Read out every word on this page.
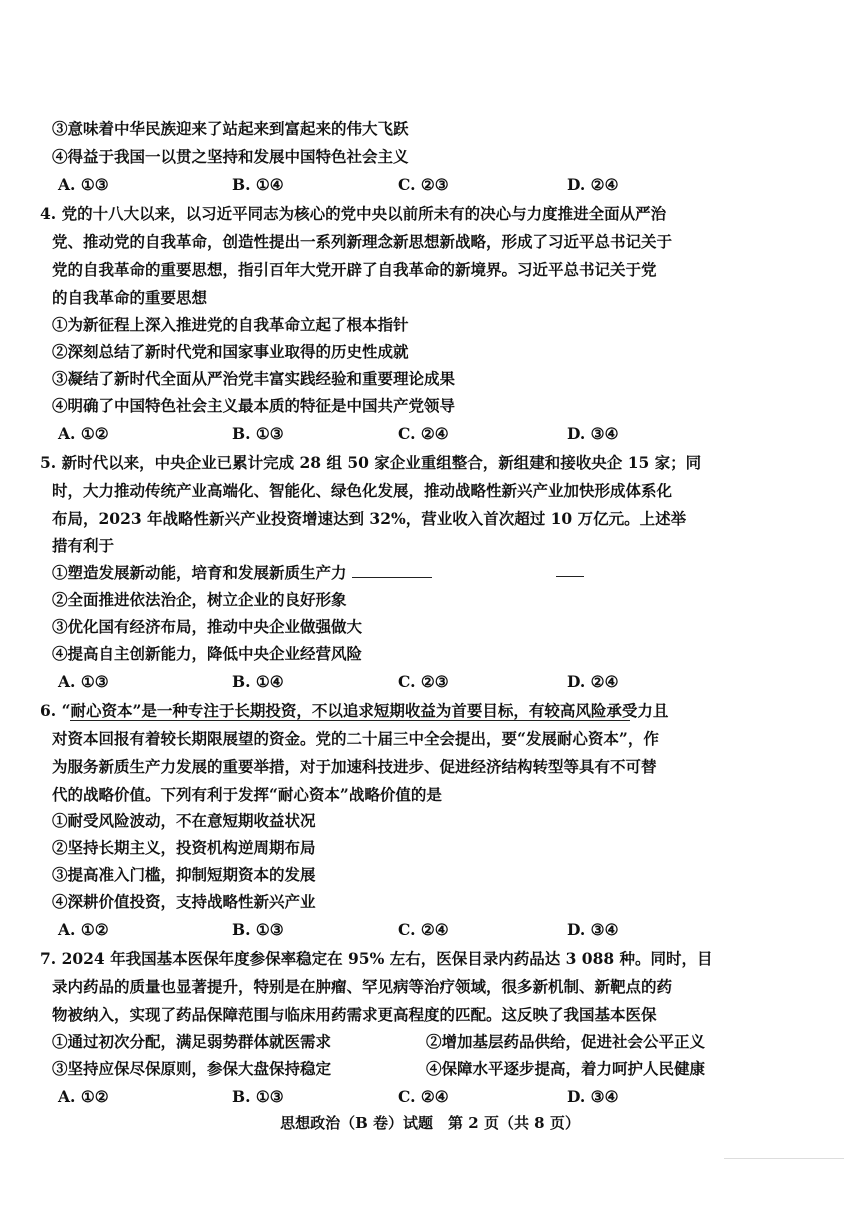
③意味着中华民族迎来了站起来到富起来的伟大飞跃
④得益于我国一以贯之坚持和发展中国特色社会主义
A. ①③	B. ①④	C. ②③	D. ②④
4. 党的十八大以来，以习近平同志为核心的党中央以前所未有的决心与力度推进全面从严治
党、推动党的自我革命，创造性提出一系列新理念新思想新战略，形成了习近平总书记关于
党的自我革命的重要思想，指引百年大党开辟了自我革命的新境界。习近平总书记关于党
的自我革命的重要思想
①为新征程上深入推进党的自我革命立起了根本指针
②深刻总结了新时代党和国家事业取得的历史性成就
③凝结了新时代全面从严治党丰富实践经验和重要理论成果
④明确了中国特色社会主义最本质的特征是中国共产党领导
A. ①②	B. ①③	C. ②④	D. ③④
5. 新时代以来，中央企业已累计完成 28 组 50 家企业重组整合，新组建和接收央企 15 家；同
时，大力推动传统产业高端化、智能化、绿色化发展，推动战略性新兴产业加快形成体系化
布局，2023 年战略性新兴产业投资增速达到 32%，营业收入首次超过 10 万亿元。上述举
措有利于
①塑造发展新动能，培育和发展新质生产力
②全面推进依法治企，树立企业的良好形象
③优化国有经济布局，推动中央企业做强做大
④提高自主创新能力，降低中央企业经营风险
A. ①③	B. ①④	C. ②③	D. ②④
6. “耐心资本”是一种专注于长期投资，不以追求短期收益为首要目标，有较高风险承受力且
对资本回报有着较长期限展望的资金。党的二十届三中全会提出，要“发展耐心资本”，作
为服务新质生产力发展的重要举措，对于加速科技进步、促进经济结构转型等具有不可替
代的战略价值。下列有利于发挥“耐心资本”战略价值的是
①耐受风险波动，不在意短期收益状况
②坚持长期主义，投资机构逆周期布局
③提高准入门槛，抑制短期资本的发展
④深耕价值投资，支持战略性新兴产业
A. ①②	B. ①③	C. ②④	D. ③④
7. 2024 年我国基本医保年度参保率稳定在 95% 左右，医保目录内药品达 3 088 种。同时，目
录内药品的质量也显著提升，特别是在肿瘤、罕见病等治疗领域，很多新机制、新靶点的药
物被纳入，实现了药品保障范围与临床用药需求更高程度的匹配。这反映了我国基本医保
①通过初次分配，满足弱势群体就医需求	②增加基层药品供给，促进社会公平正义
③坚持应保尽保原则，参保大盘保持稳定	④保障水平逐步提高，着力呵护人民健康
A. ①②	B. ①③	C. ②④	D. ③④
思想政治（B 卷）试题　第 2 页（共 8 页）
